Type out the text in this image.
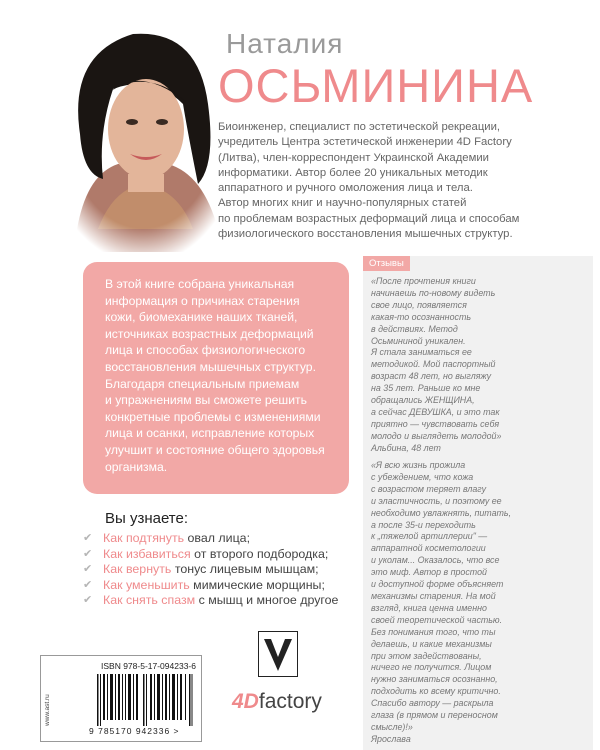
Наталия
ОСЬМИНИНА

Биоинженер, специалист по эстетической рекреации,

учредитель Центра эстетической инженерии 4D Factory

(Литва), член-корреспондент Украинской Академии

информатики. Автор более 20 уникальных методик

аппаратного и ручного омоложения лица и тела.

Автор многих книг и научно-популярных статей

по проблемам возрастных деформаций лица и способам

физиологического восстановления мышечных структур.

В этой книге собрана уникальная
информация о причинах старения
кожи, биомеханике наших тканей,
источниках возрастных деформаций
лица и способах физиологического
восстановления мышечных структур.
Благодаря специальным приемам
и упражнениям вы сможете решить
конкретные проблемы с изменениями
лица и осанки, исправление которых
улучшит и состояние общего здоровья
организма.
Вы узнаете:
✔ Как подтянуть овал лица;
✔ Как избавиться от второго подбородка;
✔ Как вернуть тонус лицевым мышцам;
✔ Как уменьшить мимические морщины;
✔ Как снять спазм с мышц и многое другое
Отзывы
«После прочтения книги
начинаешь по-новому видеть
свое лицо, появляется
какая-то осознанность
в действиях. Метод
Осьмининой уникален.
Я стала заниматься ее
методикой. Мой паспортный
возраст 48 лет, но выгляжу
на 35 лет. Раньше ко мне
обращались ЖЕНЩИНА,
а сейчас ДЕВУШКА, и это так
приятно — чувствовать себя
молодо и выглядеть молодой»
Альбина, 48 лет
«Я всю жизнь прожила
с убеждением, что кожа
с возрастом теряет влагу
и эластичность, и поэтому ее
необходимо увлажнять, питать,
а после 35-и переходить
к „тяжелой артиллерии" —
аппаратной косметологии
и уколам... Оказалось, что все
это миф. Автор в простой
и доступной форме объясняет
механизмы старения. На мой
взгляд, книга ценна именно
своей теоретической частью.
Без понимания того, что ты
делаешь, и какие механизмы
при этом задействованы,
ничего не получится. Лицом
нужно заниматься осознанно,
подходить ко всему критично.
Спасибо автору — раскрыла
глаза (в прямом и переносном
смысле)!»
Ярославa
ISBN 978-5-17-094233-6
www.ast.ru
9 785170 942336 >
4Dfactory
